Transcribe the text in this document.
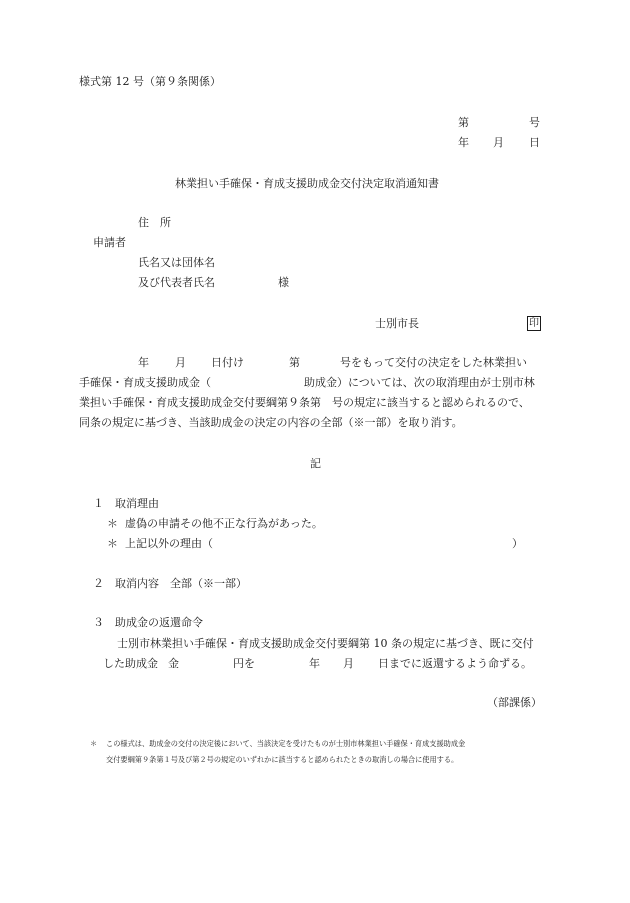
様式第 12 号（第９条関係）
第	号
年 月 日
林業担い手確保・育成支援助成金交付決定取消通知書
住　所
申請者
氏名又は団体名
及び代表者氏名	様
士別市長	印
年 月 日付け	第	号をもって交付の決定をした林業担い
手確保・育成支援助成金（	助成金）については、次の取消理由が士別市林
業担い手確保・育成支援助成金交付要綱第９条第　号の規定に該当すると認められるので、
同条の規定に基づき、当該助成金の決定の内容の全部（※一部）を取り消す。
記
１　取消理由
＊ 虚偽の申請その他不正な行為があった。
＊ 上記以外の理由（	）
２　取消内容　全部（※一部）
３　助成金の返還命令
士別市林業担い手確保・育成支援助成金交付要綱第 10 条の規定に基づき、既に交付
した助成金 金	円を	年 月 日までに返還するよう命ずる。
（部課係）
＊ この様式は、助成金の交付の決定後において、当該決定を受けたものが士別市林業担い手確保・育成支援助成金
交付要綱第９条第１号及び第２号の規定のいずれかに該当すると認められたときの取消しの場合に使用する。
